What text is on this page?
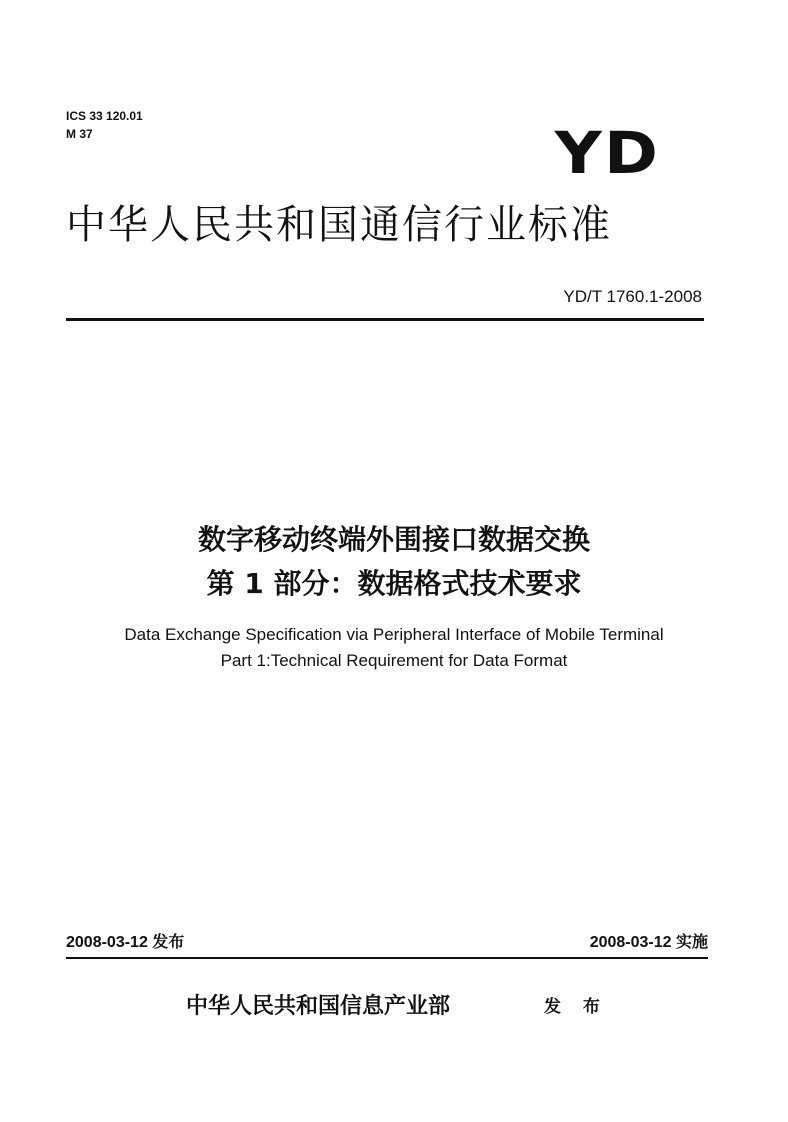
ICS 33 120.01
M 37	YD
中华人民共和国通信行业标准
YD/T 1760.1-2008
数字移动终端外围接口数据交换
第 1 部分：数据格式技术要求
Data Exchange Specification via Peripheral Interface of Mobile Terminal
Part 1:Technical Requirement for Data Format
2008-03-12 发布	2008-03-12 实施
中华人民共和国信息产业部	发 布
